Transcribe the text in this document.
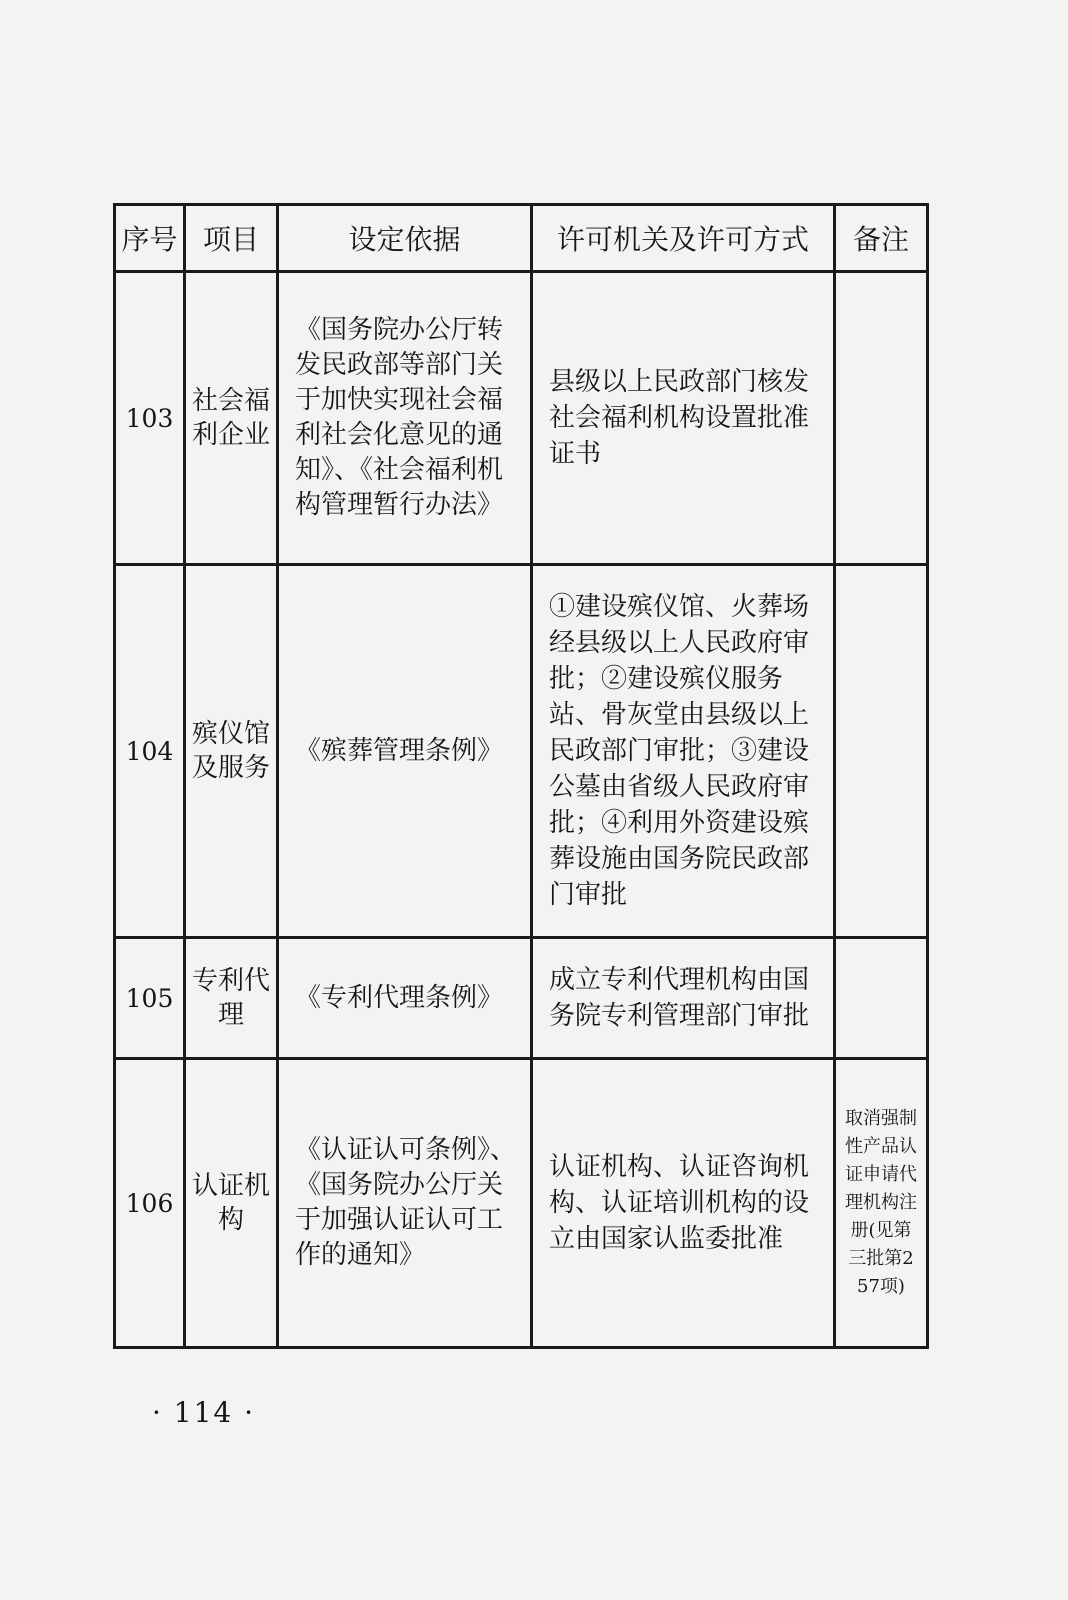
序号	项目	设定依据	许可机关及许可方式	备注
103	社会福利企业	《国务院办公厅转发民政部等部门关于加快实现社会福利社会化意见的通知》、《社会福利机构管理暂行办法》	县级以上民政部门核发社会福利机构设置批准证书	
104	殡仪馆及服务	《殡葬管理条例》	①建设殡仪馆、火葬场经县级以上人民政府审批；②建设殡仪服务站、骨灰堂由县级以上民政部门审批；③建设公墓由省级人民政府审批；④利用外资建设殡葬设施由国务院民政部门审批	
105	专利代理	《专利代理条例》	成立专利代理机构由国务院专利管理部门审批	
106	认证机构	《认证认可条例》、《国务院办公厅关于加强认证认可工作的通知》	认证机构、认证咨询机构、认证培训机构的设立由国家认监委批准	取消强制性产品认证申请代理机构注册(见第三批第257项)
· 114 ·
